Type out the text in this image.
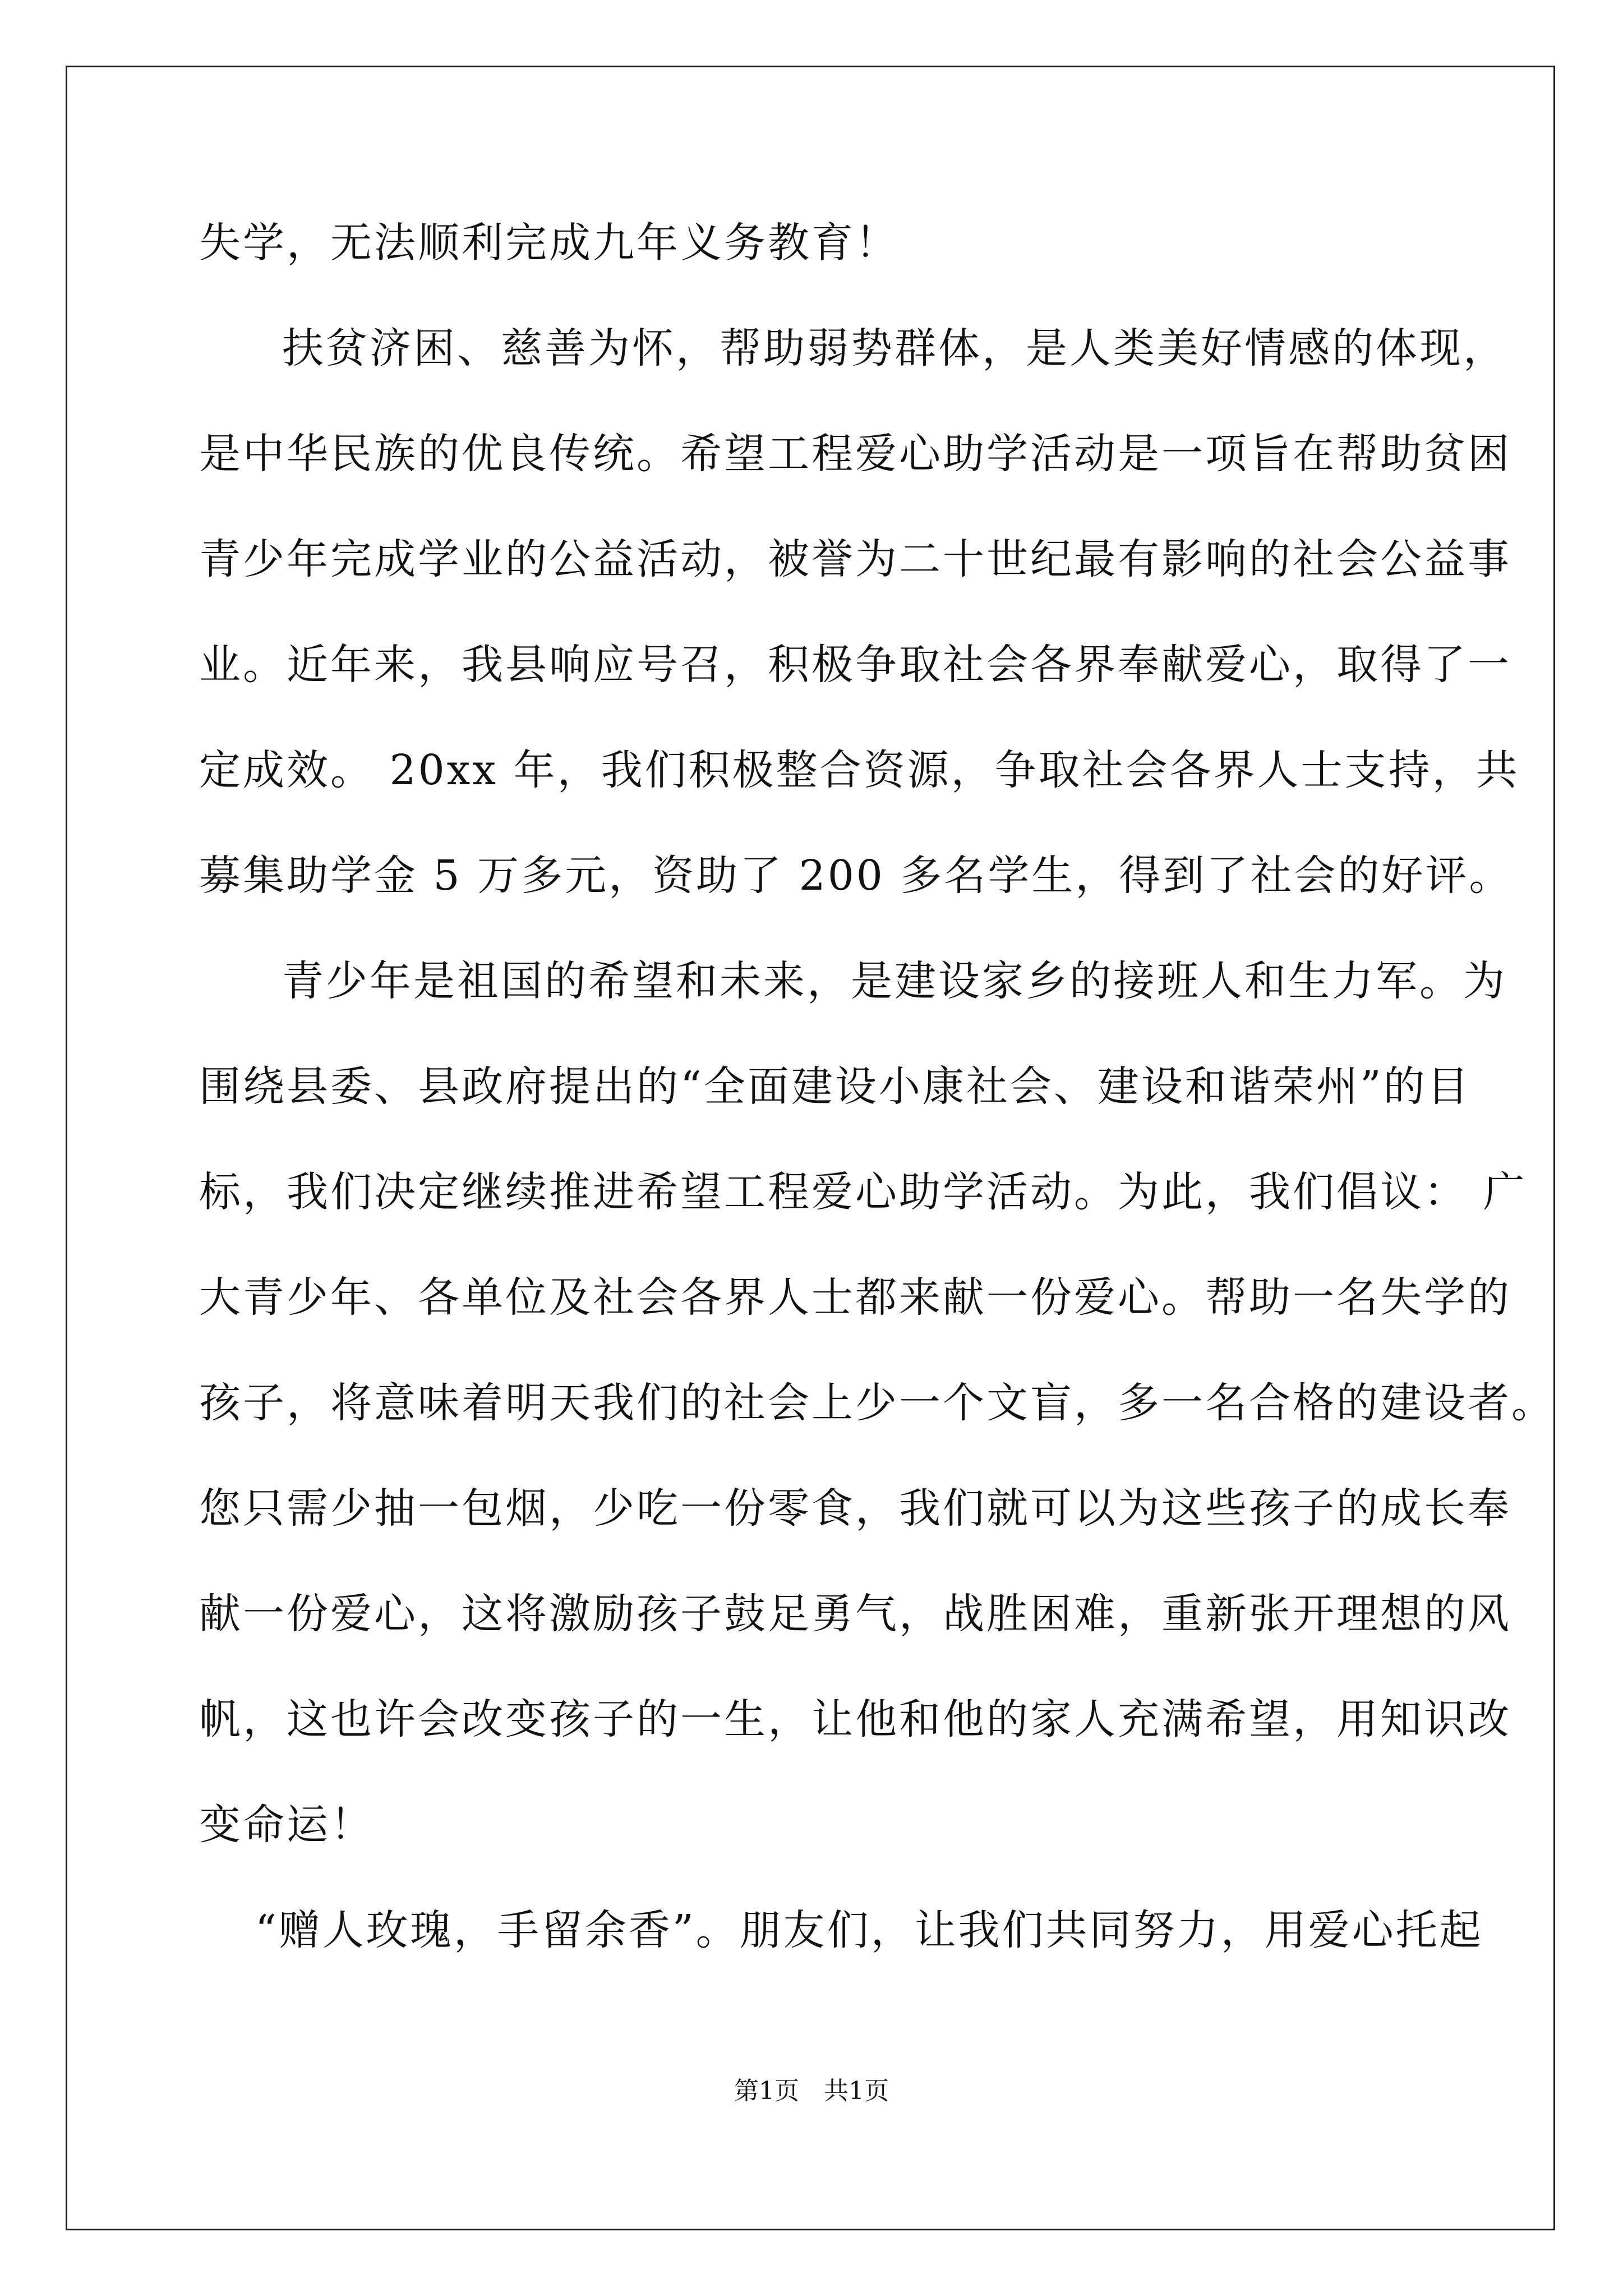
失学，无法顺利完成九年义务教育！
扶贫济困、慈善为怀，帮助弱势群体，是人类美好情感的体现，
是中华民族的优良传统。希望工程爱心助学活动是一项旨在帮助贫困
青少年完成学业的公益活动，被誉为二十世纪最有影响的社会公益事
业。近年来，我县响应号召，积极争取社会各界奉献爱心，取得了一
定成效。 20xx 年，我们积极整合资源，争取社会各界人士支持，共
募集助学金 5 万多元，资助了 200 多名学生，得到了社会的好评。
青少年是祖国的希望和未来，是建设家乡的接班人和生力军。为
围绕县委、县政府提出的“全面建设小康社会、建设和谐荣州”的目
标，我们决定继续推进希望工程爱心助学活动。为此，我们倡议： 广
大青少年、各单位及社会各界人士都来献一份爱心。帮助一名失学的
孩子，将意味着明天我们的社会上少一个文盲，多一名合格的建设者。
您只需少抽一包烟，少吃一份零食，我们就可以为这些孩子的成长奉
献一份爱心，这将激励孩子鼓足勇气，战胜困难，重新张开理想的风
帆，这也许会改变孩子的一生，让他和他的家人充满希望，用知识改
变命运！
“赠人玫瑰，手留余香”。朋友们，让我们共同努力，用爱心托起
第1页 共1页
